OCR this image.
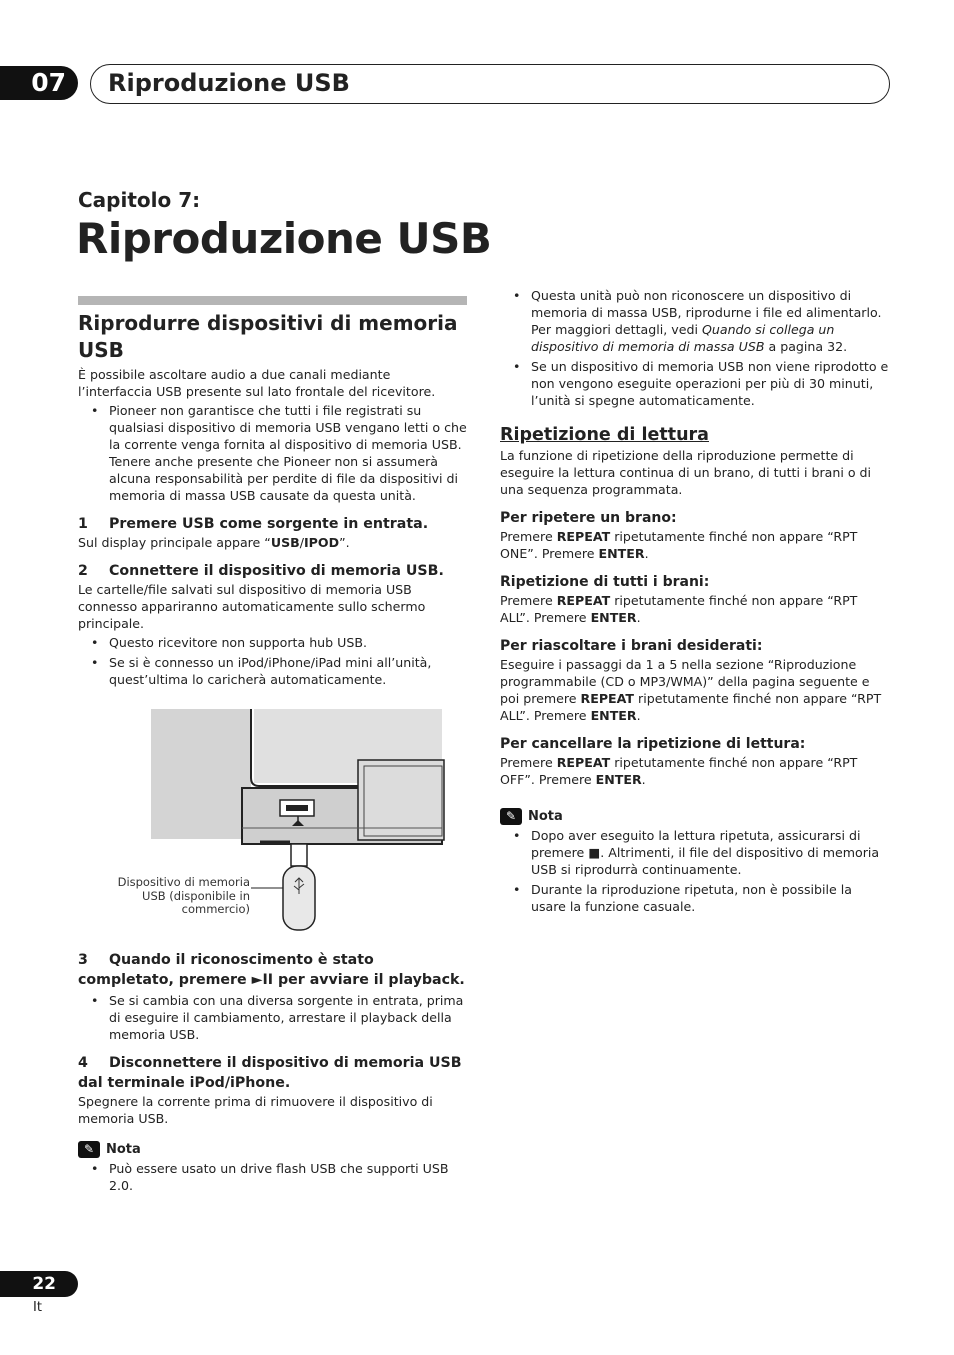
07	Riproduzione USB
Capitolo 7:
Riproduzione USB
Riprodurre dispositivi di memoria USB

È possibile ascoltare audio a due canali mediante l’interfaccia USB presente sul lato frontale del ricevitore.

• Pioneer non garantisce che tutti i file registrati su qualsiasi dispositivo di memoria USB vengano letti o che la corrente venga fornita al dispositivo di memoria USB. Tenere anche presente che Pioneer non si assumerà alcuna responsabilità per perdite di file da dispositivi di memoria di massa USB causate da questa unità.
1 Premere USB come sorgente in entrata.

Sul display principale appare “USB/IPOD”.

2 Connettere il dispositivo di memoria USB.

Le cartelle/file salvati sul dispositivo di memoria USB connesso appariranno automaticamente sullo schermo principale.

• Questo ricevitore non supporta hub USB.
• Se si è connesso un iPod/iPhone/iPad mini all’unità, quest’ultima lo caricherà automaticamente.
Dispositivo di memoria USB (disponibile in commercio)
3	Quando il riconoscimento è stato completato, premere ►II per avviare il playback.
• Se si cambia con una diversa sorgente in entrata, prima di eseguire il cambiamento, arrestare il playback della memoria USB.
4	Disconnettere il dispositivo di memoria USB dal terminale iPod/iPhone.

Spegnere la corrente prima di rimuovere il dispositivo di memoria USB.

✎ Nota
• Può essere usato un drive flash USB che supporti USB 2.0.
• Questa unità può non riconoscere un dispositivo di memoria di massa USB, riprodurne i file ed alimentarlo. Per maggiori dettagli, vedi Quando si collega un dispositivo di memoria di massa USB a pagina 32.
• Se un dispositivo di memoria USB non viene riprodotto e non vengono eseguite operazioni per più di 30 minuti, l’unità si spegne automaticamente.
Ripetizione di lettura

La funzione di ripetizione della riproduzione permette di eseguire la lettura continua di un brano, di tutti i brani o di una sequenza programmata.

Per ripetere un brano:

Premere REPEAT ripetutamente finché non appare “RPT ONE”. Premere ENTER.

Ripetizione di tutti i brani:

Premere REPEAT ripetutamente finché non appare “RPT ALL”. Premere ENTER.

Per riascoltare i brani desiderati:

Eseguire i passaggi da 1 a 5 nella sezione “Riproduzione programmabile (CD o MP3/WMA)” della pagina seguente e poi premere REPEAT ripetutamente finché non appare “RPT ALL”. Premere ENTER.

Per cancellare la ripetizione di lettura:

Premere REPEAT ripetutamente finché non appare “RPT OFF”. Premere ENTER.

✎ Nota
• Dopo aver eseguito la lettura ripetuta, assicurarsi di premere ■. Altrimenti, il file del dispositivo di memoria USB si riprodurrà continuamente.
• Durante la riproduzione ripetuta, non è possibile la usare la funzione casuale.
22
It
